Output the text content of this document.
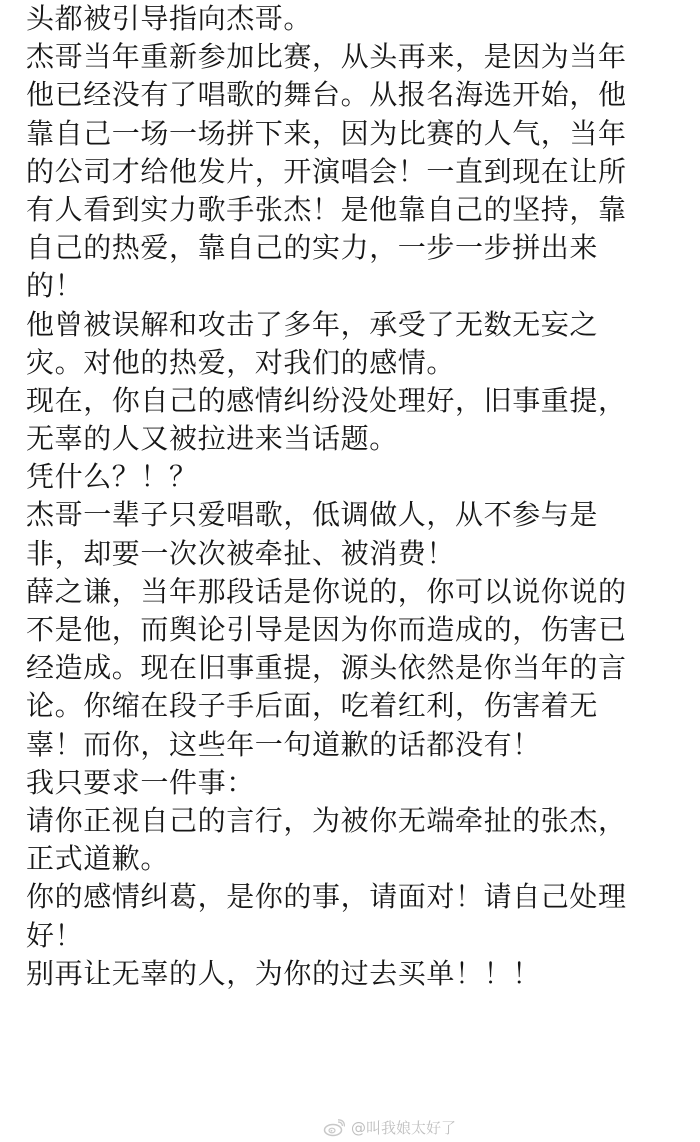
头都被引导指向杰哥。
杰哥当年重新参加比赛，从头再来，是因为当年
他已经没有了唱歌的舞台。从报名海选开始，他
靠自己一场一场拼下来，因为比赛的人气，当年
的公司才给他发片，开演唱会！一直到现在让所
有人看到实力歌手张杰！是他靠自己的坚持，靠
自己的热爱，靠自己的实力，一步一步拼出来
的！
他曾被误解和攻击了多年，承受了无数无妄之
灾。对他的热爱，对我们的感情。
现在，你自己的感情纠纷没处理好，旧事重提，
无辜的人又被拉进来当话题。
凭什么？！？
杰哥一辈子只爱唱歌，低调做人，从不参与是
非，却要一次次被牵扯、被消费！
薛之谦，当年那段话是你说的，你可以说你说的
不是他，而舆论引导是因为你而造成的，伤害已
经造成。现在旧事重提，源头依然是你当年的言
论。你缩在段子手后面，吃着红利，伤害着无
辜！而你，这些年一句道歉的话都没有！
我只要求一件事：
请你正视自己的言行，为被你无端牵扯的张杰，
正式道歉。
你的感情纠葛，是你的事，请面对！请自己处理
好！
别再让无辜的人，为你的过去买单！！！
@叫我娘太好了
